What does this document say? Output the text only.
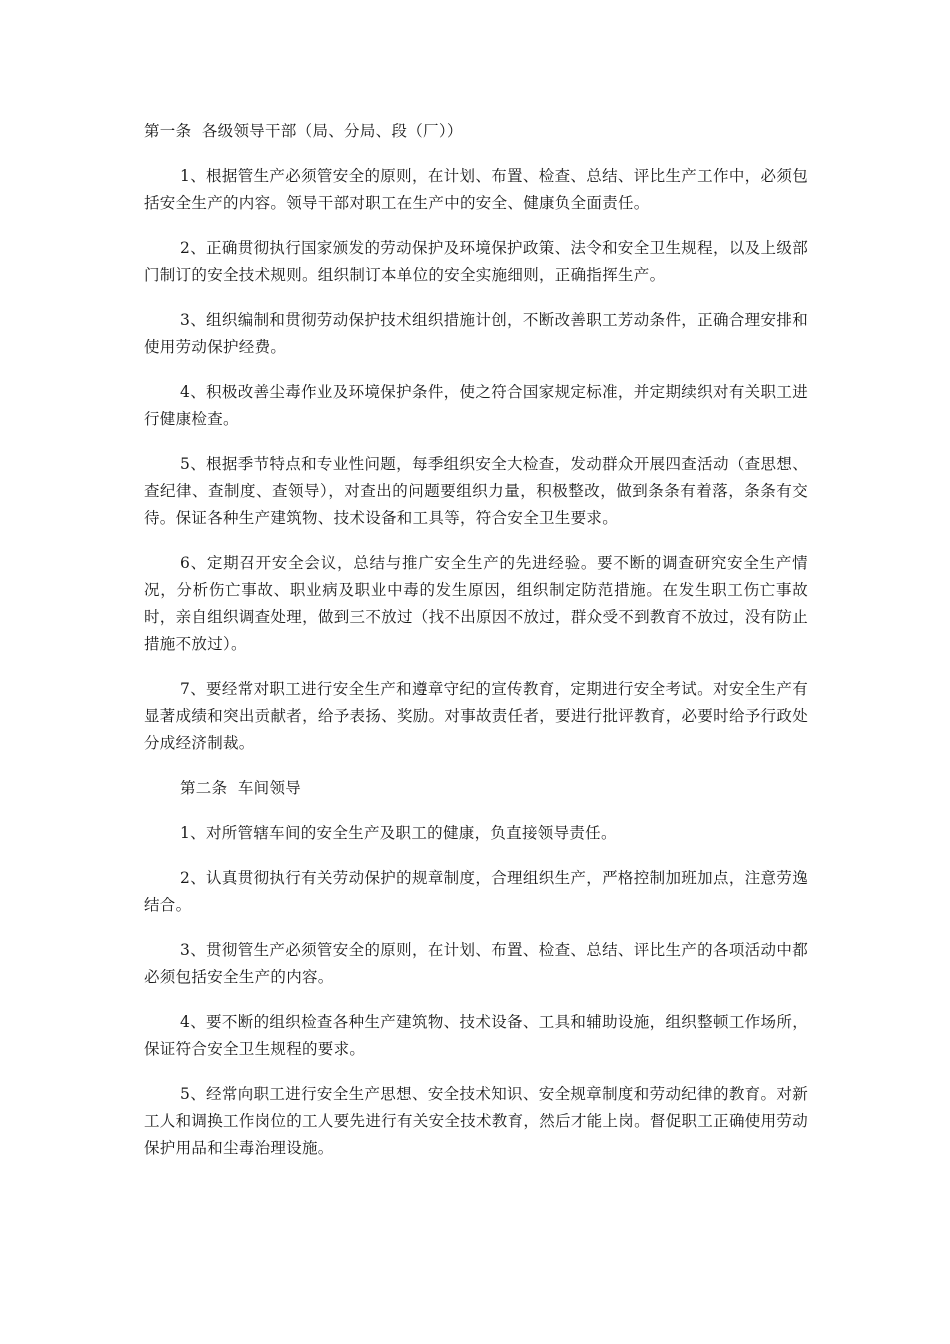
第一条  各级领导干部（局、分局、段（厂））

1、根据管生产必须管安全的原则，在计划、布置、检查、总结、评比生产工作中，必须包括安全生产的内容。领导干部对职工在生产中的安全、健康负全面责任。

2、正确贯彻执行国家颁发的劳动保护及环境保护政策、法令和安全卫生规程，以及上级部门制订的安全技术规则。组织制订本单位的安全实施细则，正确指挥生产。

3、组织编制和贯彻劳动保护技术组织措施计创，不断改善职工芳动条件，正确合理安排和使用劳动保护经费。

4、积极改善尘毒作业及环境保护条件，使之符合国家规定标准，并定期续织对有关职工进行健康检查。

5、根据季节特点和专业性问题，每季组织安全大检查，发动群众开展四查活动（查思想、查纪律、查制度、查领导），对查出的问题要组织力量，积极整改，做到条条有着落，条条有交待。保证各种生产建筑物、技术设备和工具等，符合安全卫生要求。

6、定期召开安全会议，总结与推广安全生产的先进经验。要不断的调查研究安全生产情况，分析伤亡事故、职业病及职业中毒的发生原因，组织制定防范措施。在发生职工伤亡事故时，亲自组织调查处理，做到三不放过（找不出原因不放过，群众受不到教育不放过，没有防止措施不放过）。

7、要经常对职工进行安全生产和遵章守纪的宣传教育，定期进行安全考试。对安全生产有显著成绩和突出贡献者，给予表扬、奖励。对事故责任者，要进行批评教育，必要时给予行政处分成经济制裁。

第二条  车间领导

1、对所管辖车间的安全生产及职工的健康，负直接领导责任。

2、认真贯彻执行有关劳动保护的规章制度，合理组织生产，严格控制加班加点，注意劳逸结合。

3、贯彻管生产必须管安全的原则，在计划、布置、检查、总结、评比生产的各项活动中都必须包括安全生产的内容。

4、要不断的组织检查各种生产建筑物、技术设备、工具和辅助设施，组织整顿工作场所，保证符合安全卫生规程的要求。

5、经常向职工进行安全生产思想、安全技术知识、安全规章制度和劳动纪律的教育。对新工人和调换工作岗位的工人要先进行有关安全技术教育，然后才能上岗。督促职工正确使用劳动保护用品和尘毒治理设施。
